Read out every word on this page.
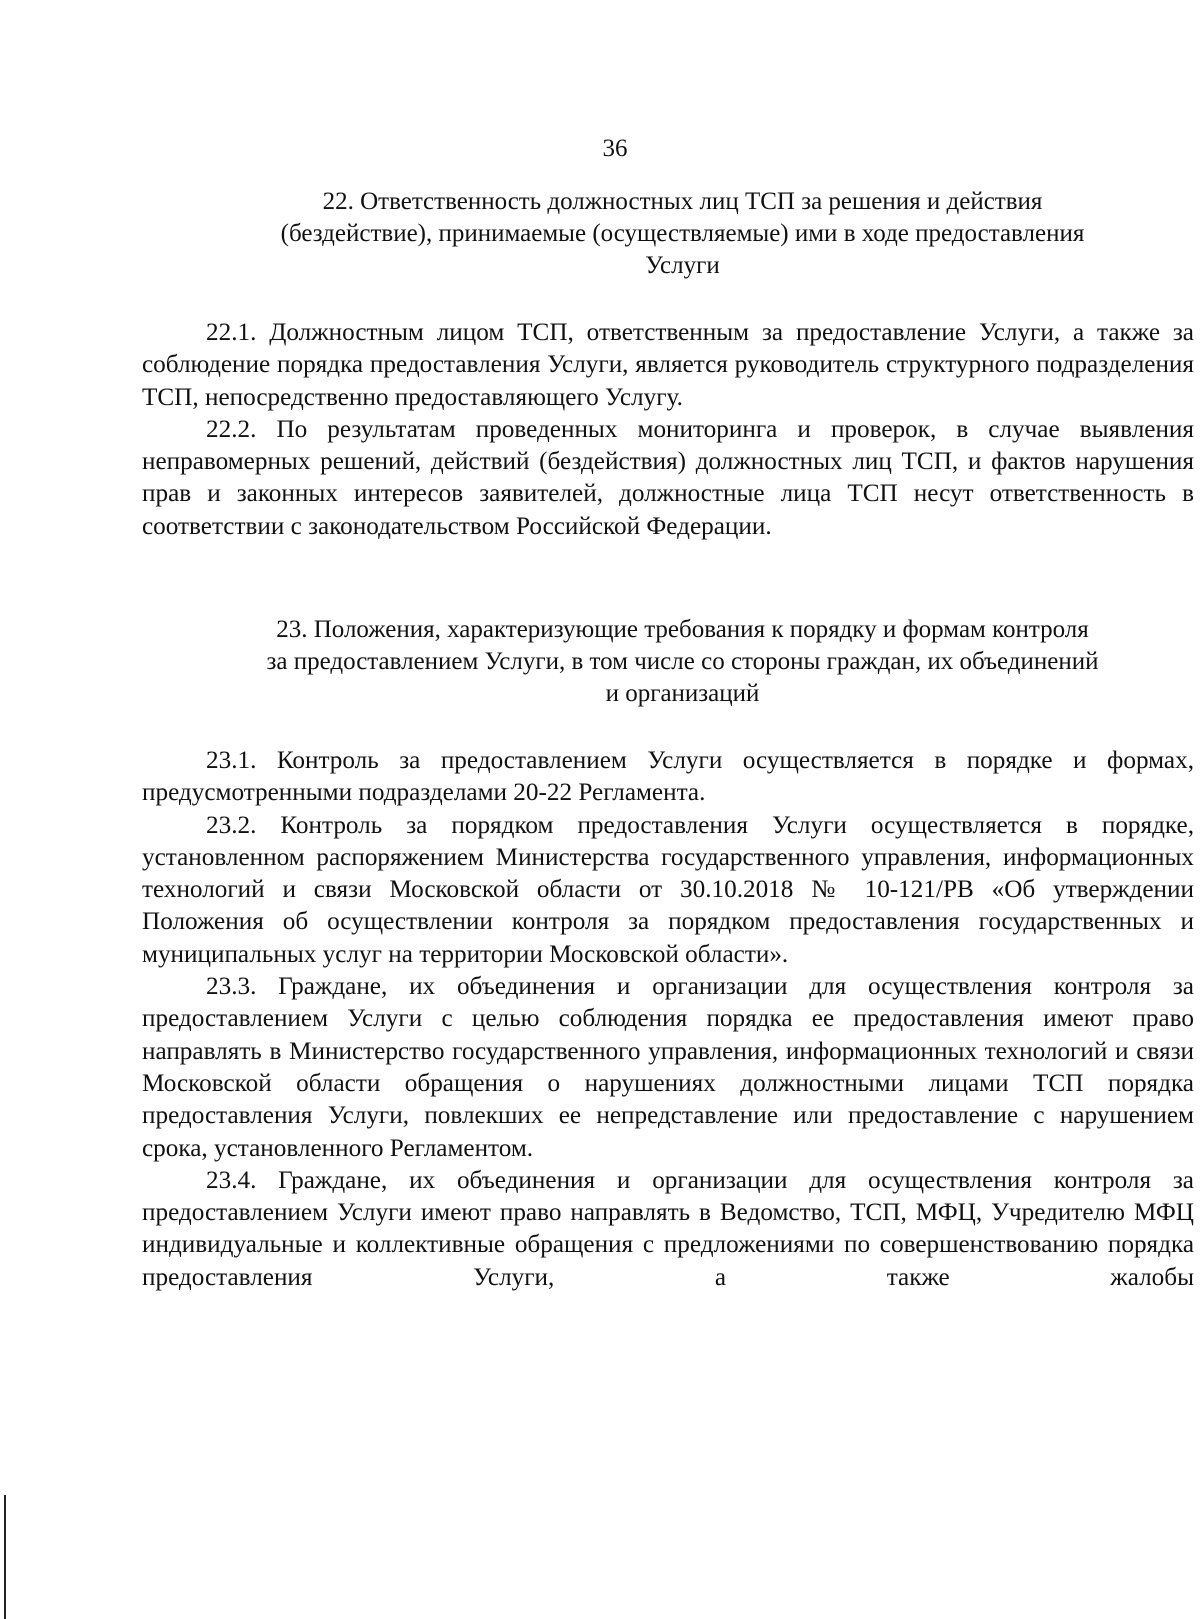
36
22. Ответственность должностных лиц ТСП за решения и действия
(бездействие), принимаемые (осуществляемые) ими в ходе предоставления
Услуги

22.1. Должностным лицом ТСП, ответственным за предоставление Услуги, а также за соблюдение порядка предоставления Услуги, является руководитель структурного подразделения ТСП, непосредственно предоставляющего Услугу.

22.2. По результатам проведенных мониторинга и проверок, в случае выявления неправомерных решений, действий (бездействия) должностных лиц ТСП, и фактов нарушения прав и законных интересов заявителей, должностные лица ТСП несут ответственность в соответствии с законодательством Российской Федерации.

23. Положения, характеризующие требования к порядку и формам контроля
за предоставлением Услуги, в том числе со стороны граждан, их объединений
и организаций

23.1. Контроль за предоставлением Услуги осуществляется в порядке и формах, предусмотренными подразделами 20-22 Регламента.

23.2. Контроль за порядком предоставления Услуги осуществляется в порядке, установленном распоряжением Министерства государственного управления, информационных технологий и связи Московской области от 30.10.2018 № 10-121/РВ «Об утверждении Положения об осуществлении контроля за порядком предоставления государственных и муниципальных услуг на территории Московской области».

23.3. Граждане, их объединения и организации для осуществления контроля за предоставлением Услуги с целью соблюдения порядка ее предоставления имеют право направлять в Министерство государственного управления, информационных технологий и связи Московской области обращения о нарушениях должностными лицами ТСП порядка предоставления Услуги, повлекших ее непредставление или предоставление с нарушением срока, установленного Регламентом.

23.4. Граждане, их объединения и организации для осуществления контроля за предоставлением Услуги имеют право направлять в Ведомство, ТСП, МФЦ, Учредителю МФЦ индивидуальные и коллективные обращения с предложениями по совершенствованию порядка предоставления Услуги, а также жалобы
